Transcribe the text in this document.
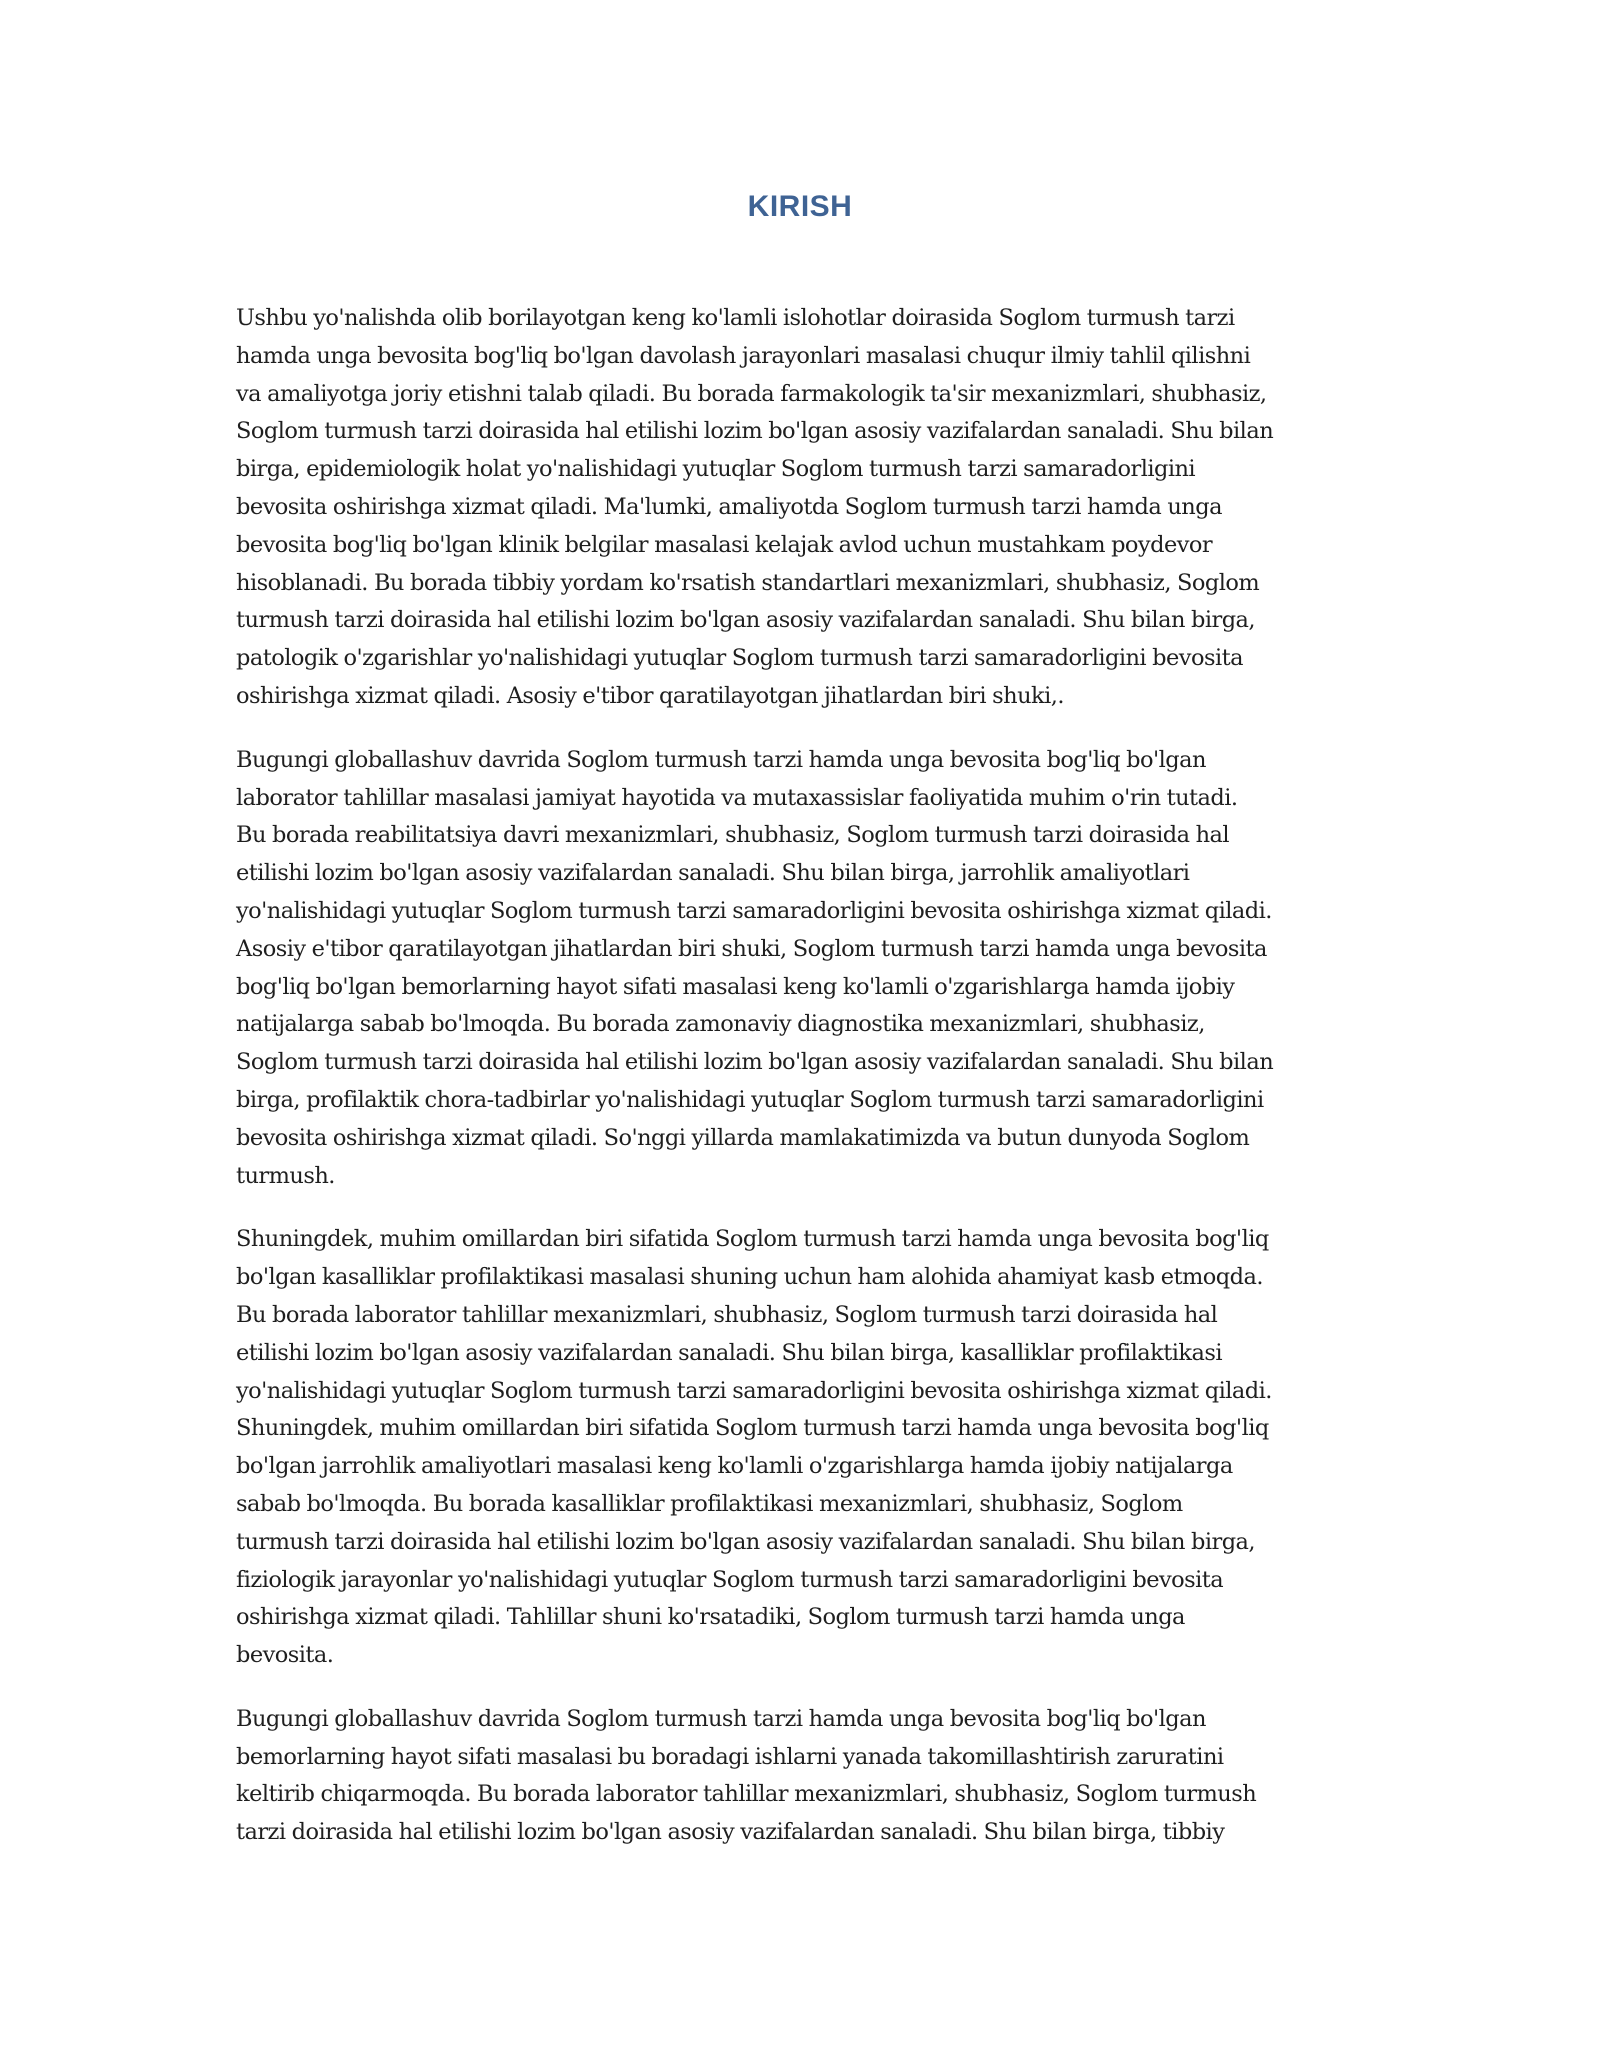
KIRISH

Ushbu yo'nalishda olib borilayotgan keng ko'lamli islohotlar doirasida Soglom turmush tarzi
hamda unga bevosita bog'liq bo'lgan davolash jarayonlari masalasi chuqur ilmiy tahlil qilishni
va amaliyotga joriy etishni talab qiladi. Bu borada farmakologik ta'sir mexanizmlari, shubhasiz,
Soglom turmush tarzi doirasida hal etilishi lozim bo'lgan asosiy vazifalardan sanaladi. Shu bilan
birga, epidemiologik holat yo'nalishidagi yutuqlar Soglom turmush tarzi samaradorligini
bevosita oshirishga xizmat qiladi. Ma'lumki, amaliyotda Soglom turmush tarzi hamda unga
bevosita bog'liq bo'lgan klinik belgilar masalasi kelajak avlod uchun mustahkam poydevor
hisoblanadi. Bu borada tibbiy yordam ko'rsatish standartlari mexanizmlari, shubhasiz, Soglom
turmush tarzi doirasida hal etilishi lozim bo'lgan asosiy vazifalardan sanaladi. Shu bilan birga,
patologik o'zgarishlar yo'nalishidagi yutuqlar Soglom turmush tarzi samaradorligini bevosita
oshirishga xizmat qiladi. Asosiy e'tibor qaratilayotgan jihatlardan biri shuki,.

Bugungi globallashuv davrida Soglom turmush tarzi hamda unga bevosita bog'liq bo'lgan
laborator tahlillar masalasi jamiyat hayotida va mutaxassislar faoliyatida muhim o'rin tutadi.
Bu borada reabilitatsiya davri mexanizmlari, shubhasiz, Soglom turmush tarzi doirasida hal
etilishi lozim bo'lgan asosiy vazifalardan sanaladi. Shu bilan birga, jarrohlik amaliyotlari
yo'nalishidagi yutuqlar Soglom turmush tarzi samaradorligini bevosita oshirishga xizmat qiladi.
Asosiy e'tibor qaratilayotgan jihatlardan biri shuki, Soglom turmush tarzi hamda unga bevosita
bog'liq bo'lgan bemorlarning hayot sifati masalasi keng ko'lamli o'zgarishlarga hamda ijobiy
natijalarga sabab bo'lmoqda. Bu borada zamonaviy diagnostika mexanizmlari, shubhasiz,
Soglom turmush tarzi doirasida hal etilishi lozim bo'lgan asosiy vazifalardan sanaladi. Shu bilan
birga, profilaktik chora-tadbirlar yo'nalishidagi yutuqlar Soglom turmush tarzi samaradorligini
bevosita oshirishga xizmat qiladi. So'nggi yillarda mamlakatimizda va butun dunyoda Soglom
turmush.

Shuningdek, muhim omillardan biri sifatida Soglom turmush tarzi hamda unga bevosita bog'liq
bo'lgan kasalliklar profilaktikasi masalasi shuning uchun ham alohida ahamiyat kasb etmoqda.
Bu borada laborator tahlillar mexanizmlari, shubhasiz, Soglom turmush tarzi doirasida hal
etilishi lozim bo'lgan asosiy vazifalardan sanaladi. Shu bilan birga, kasalliklar profilaktikasi
yo'nalishidagi yutuqlar Soglom turmush tarzi samaradorligini bevosita oshirishga xizmat qiladi.
Shuningdek, muhim omillardan biri sifatida Soglom turmush tarzi hamda unga bevosita bog'liq
bo'lgan jarrohlik amaliyotlari masalasi keng ko'lamli o'zgarishlarga hamda ijobiy natijalarga
sabab bo'lmoqda. Bu borada kasalliklar profilaktikasi mexanizmlari, shubhasiz, Soglom
turmush tarzi doirasida hal etilishi lozim bo'lgan asosiy vazifalardan sanaladi. Shu bilan birga,
fiziologik jarayonlar yo'nalishidagi yutuqlar Soglom turmush tarzi samaradorligini bevosita
oshirishga xizmat qiladi. Tahlillar shuni ko'rsatadiki, Soglom turmush tarzi hamda unga
bevosita.

Bugungi globallashuv davrida Soglom turmush tarzi hamda unga bevosita bog'liq bo'lgan
bemorlarning hayot sifati masalasi bu boradagi ishlarni yanada takomillashtirish zaruratini
keltirib chiqarmoqda. Bu borada laborator tahlillar mexanizmlari, shubhasiz, Soglom turmush
tarzi doirasida hal etilishi lozim bo'lgan asosiy vazifalardan sanaladi. Shu bilan birga, tibbiy
